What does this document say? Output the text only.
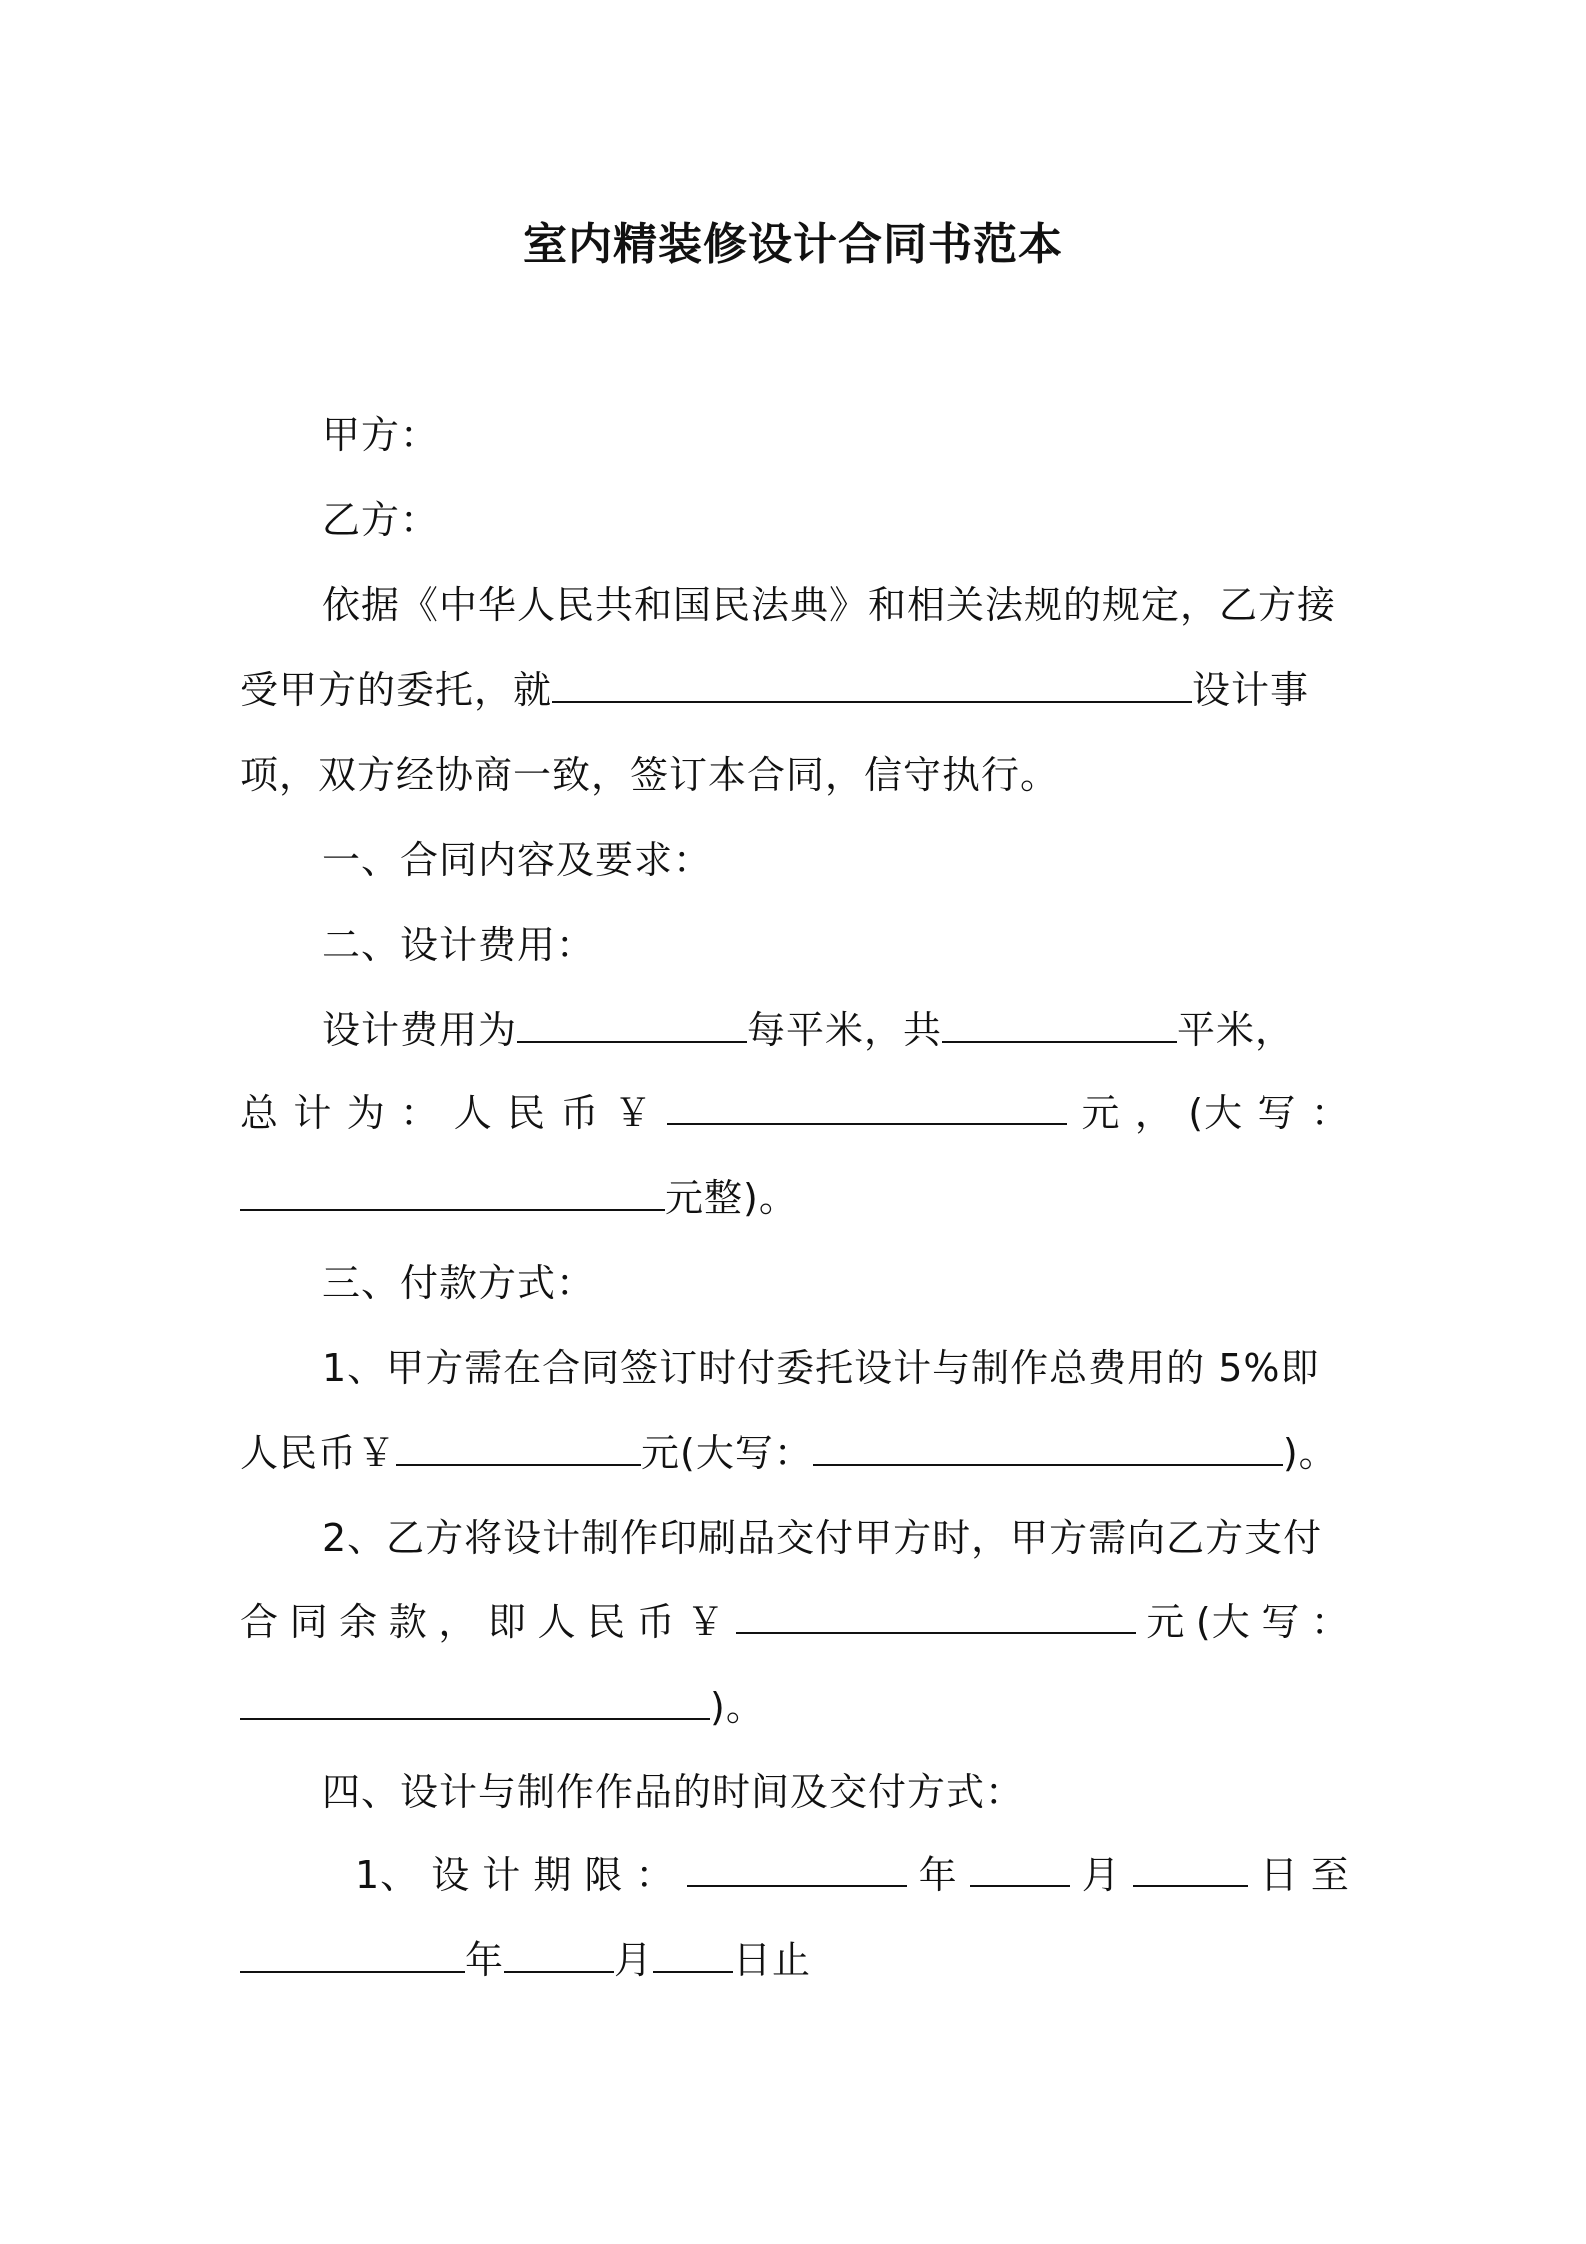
室内精装修设计合同书范本
甲方：
乙方：
依据《中华人民共和国民法典》和相关法规的规定，乙方接
受甲方的委托，就	设计事
项，双方经协商一致，签订本合同，信守执行。
一、合同内容及要求：
二、设计费用：
设计费用为	每平米，共	平米，
总 计 为 ： 人 民 币 ￥	元 ， (大 写 ：
元整)。
三、付款方式：
1、甲方需在合同签订时付委托设计与制作总费用的 5%即
人民币￥	元(大写：	)。
2、乙方将设计制作印刷品交付甲方时，甲方需向乙方支付
合 同 余 款 ， 即 人 民 币 ￥	元 (大 写 ：
)。
四、设计与制作作品的时间及交付方式：
1、 设 计 期 限 ：	年	月	日 至
年	月 日止
